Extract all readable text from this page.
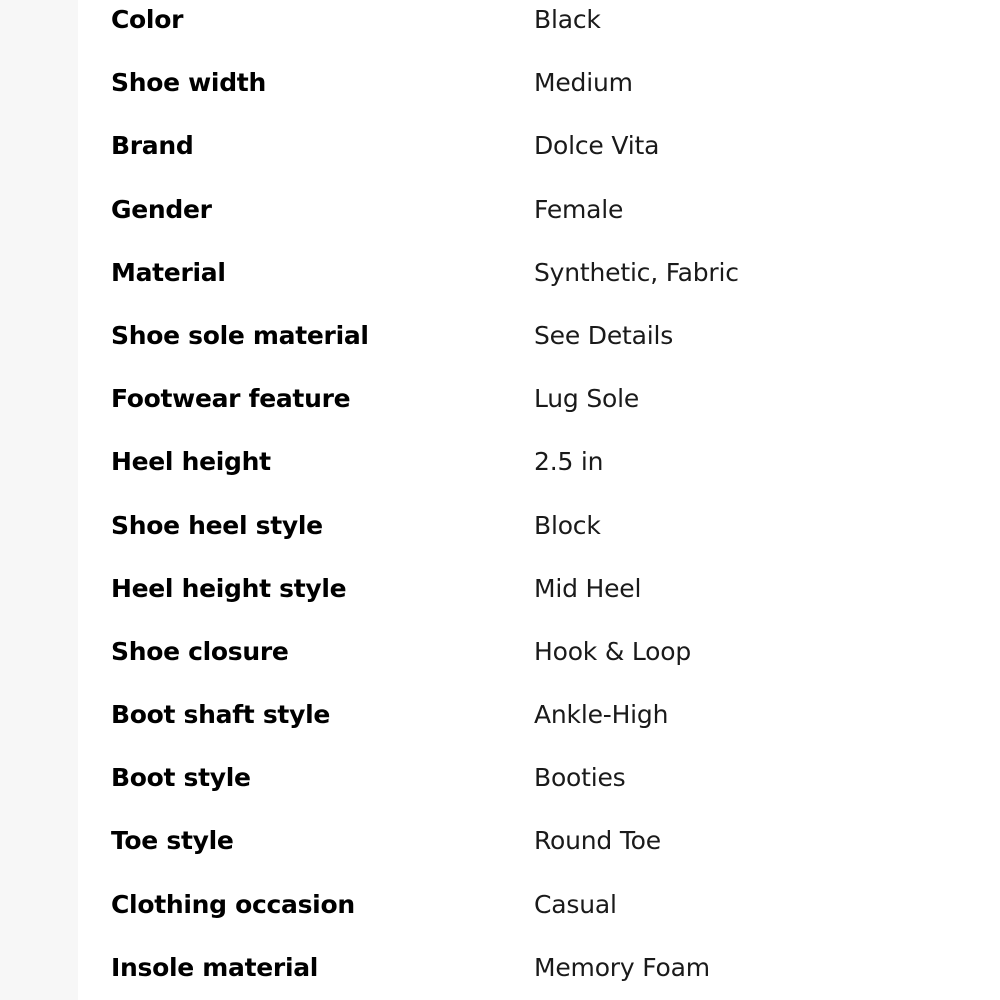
Color	Black
Shoe width	Medium
Brand	Dolce Vita
Gender	Female
Material	Synthetic, Fabric
Shoe sole material	See Details
Footwear feature	Lug Sole
Heel height	2.5 in
Shoe heel style	Block
Heel height style	Mid Heel
Shoe closure	Hook & Loop
Boot shaft style	Ankle-High
Boot style	Booties
Toe style	Round Toe
Clothing occasion	Casual
Insole material	Memory Foam
